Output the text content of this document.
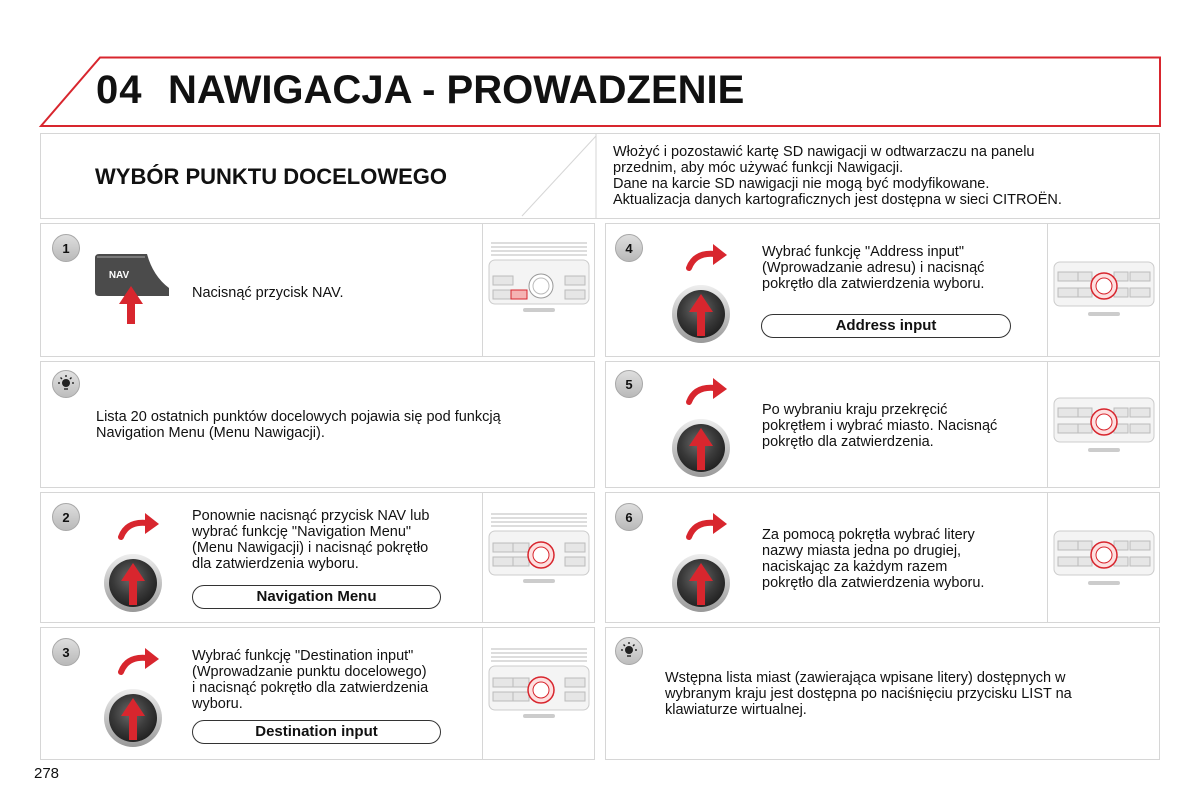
04 NAWIGACJA - PROWADZENIE
WYBÓR PUNKTU DOCELOWEGO
Włożyć i pozostawić kartę SD nawigacji w odtwarzaczu na panelu
przednim, aby móc używać funkcji Nawigacji.
Dane na karcie SD nawigacji nie mogą być modyfikowane.
Aktualizacja danych kartograficznych jest dostępna w sieci CITROËN.
1
NAV
Nacisnąć przycisk NAV.
Lista 20 ostatnich punktów docelowych pojawia się pod funkcją
Navigation Menu (Menu Nawigacji).
2	Ponownie nacisnąć przycisk NAV lub
wybrać funkcję "Navigation Menu"
(Menu Nawigacji) i nacisnąć pokrętło
dla zatwierdzenia wyboru.
Navigation Menu
3	Wybrać funkcję "Destination input"
(Wprowadzanie punktu docelowego)
i nacisnąć pokrętło dla zatwierdzenia
wyboru.
Destination input
4	Wybrać funkcję "Address input"
(Wprowadzanie adresu) i nacisnąć
pokrętło dla zatwierdzenia wyboru.
Address input
5
Po wybraniu kraju przekręcić
pokrętłem i wybrać miasto. Nacisnąć
pokrętło dla zatwierdzenia.
6
Za pomocą pokrętła wybrać litery
nazwy miasta jedna po drugiej,
naciskając za każdym razem
pokrętło dla zatwierdzenia wyboru.
Wstępna lista miast (zawierająca wpisane litery) dostępnych w
wybranym kraju jest dostępna po naciśnięciu przycisku LIST na
klawiaturze wirtualnej.
278
